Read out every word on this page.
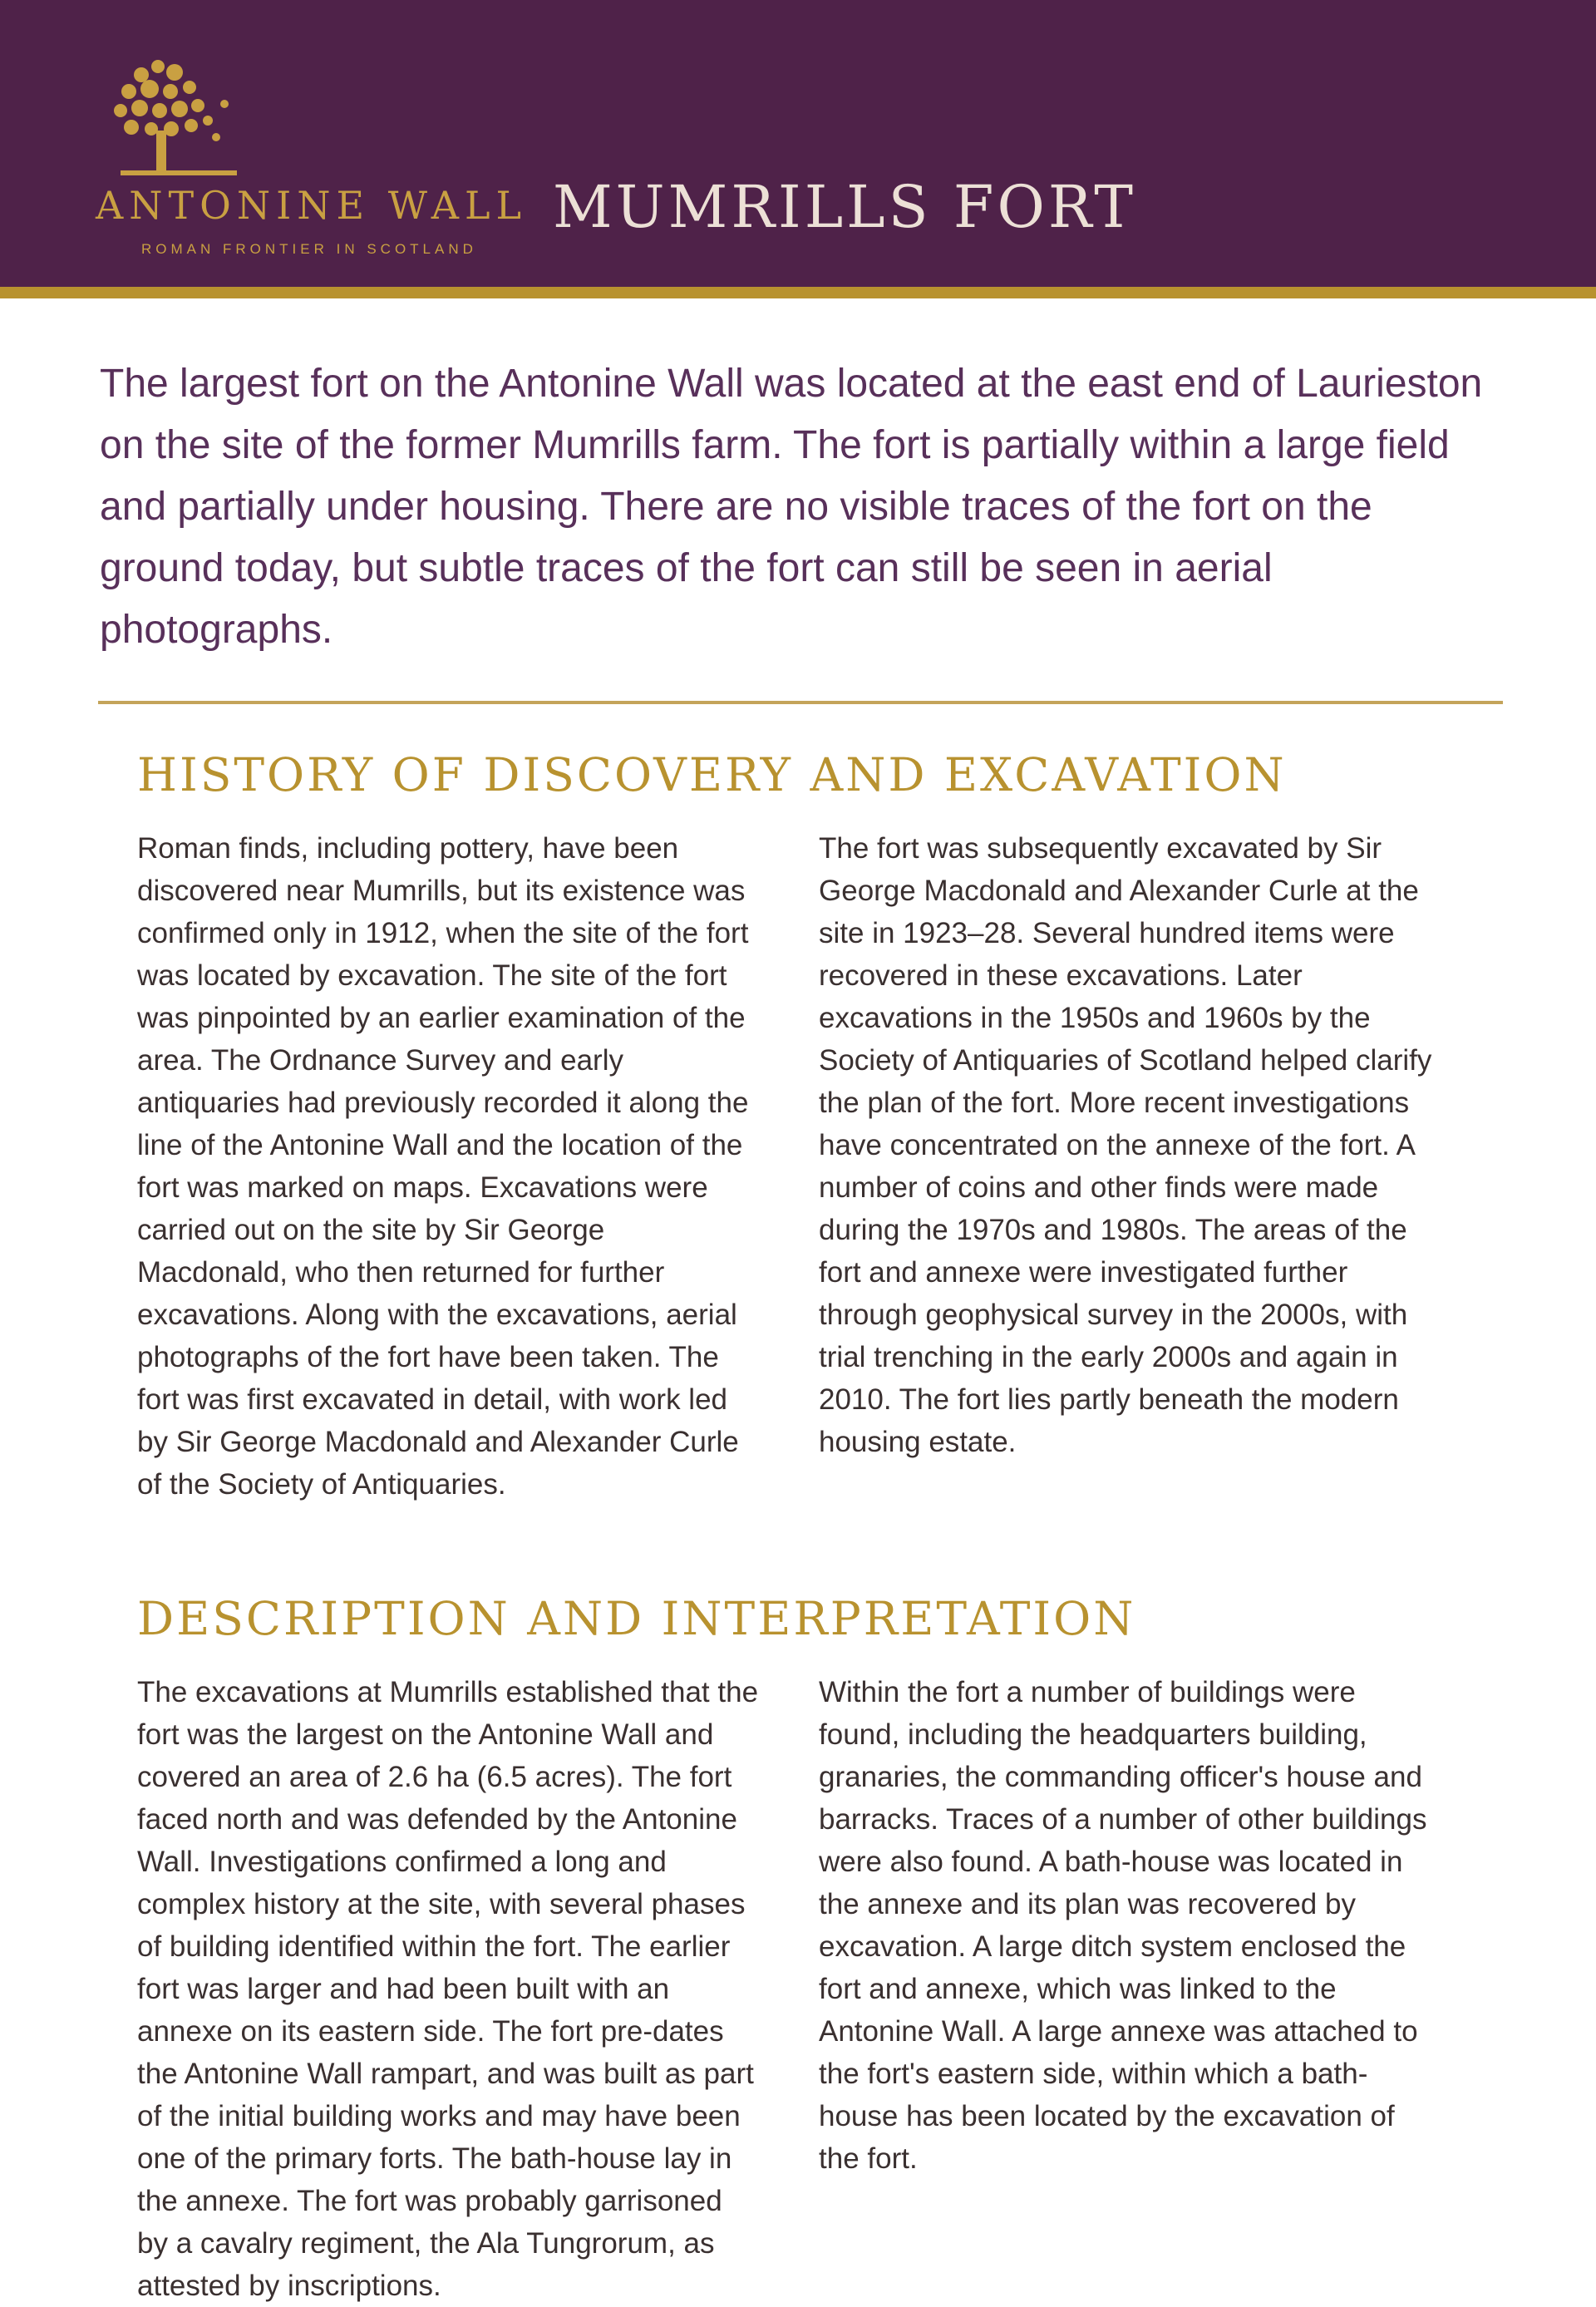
ANTONINE WALL
ROMAN FRONTIER IN SCOTLAND
MUMRILLS FORT

The largest fort on the Antonine Wall was located at the east end of Laurieston on the site of the former Mumrills farm. The fort is partially within a large field and partially under housing. There are no visible traces of the fort on the ground today, but subtle traces of the fort can still be seen in aerial photographs.

HISTORY OF DISCOVERY AND EXCAVATION

Roman finds, including pottery, have been discovered near Mumrills, but its existence was confirmed only in 1912, when the site of the fort was located by excavation. The site of the fort was pinpointed by an earlier examination of the area. The Ordnance Survey and early antiquaries had previously recorded it along the line of the Antonine Wall and the location of the fort was marked on maps. Excavations were carried out on the site by Sir George Macdonald, who then returned for further excavations. Along with the excavations, aerial photographs of the fort have been taken. The fort was first excavated in detail, with work led by Sir George Macdonald and Alexander Curle of the Society of Antiquaries.

The fort was subsequently excavated by Sir George Macdonald and Alexander Curle at the site in 1923–28. Several hundred items were recovered in these excavations. Later excavations in the 1950s and 1960s by the Society of Antiquaries of Scotland helped clarify the plan of the fort. More recent investigations have concentrated on the annexe of the fort. A number of coins and other finds were made during the 1970s and 1980s. The areas of the fort and annexe were investigated further through geophysical survey in the 2000s, with trial trenching in the early 2000s and again in 2010. The fort lies partly beneath the modern housing estate.

DESCRIPTION AND INTERPRETATION

The excavations at Mumrills established that the fort was the largest on the Antonine Wall and covered an area of 2.6 ha (6.5 acres). The fort faced north and was defended by the Antonine Wall. Investigations confirmed a long and complex history at the site, with several phases of building identified within the fort. The earlier fort was larger and had been built with an annexe on its eastern side. The fort pre-dates the Antonine Wall rampart, and was built as part of the initial building works and may have been one of the primary forts. The bath-house lay in the annexe. The fort was probably garrisoned by a cavalry regiment, the Ala Tungrorum, as attested by inscriptions.

Within the fort a number of buildings were found, including the headquarters building, granaries, the commanding officer's house and barracks. Traces of a number of other buildings were also found. A bath-house was located in the annexe and its plan was recovered by excavation. A large ditch system enclosed the fort and annexe, which was linked to the Antonine Wall. A large annexe was attached to the fort's eastern side, within which a bath-house has been located by the excavation of the fort.
